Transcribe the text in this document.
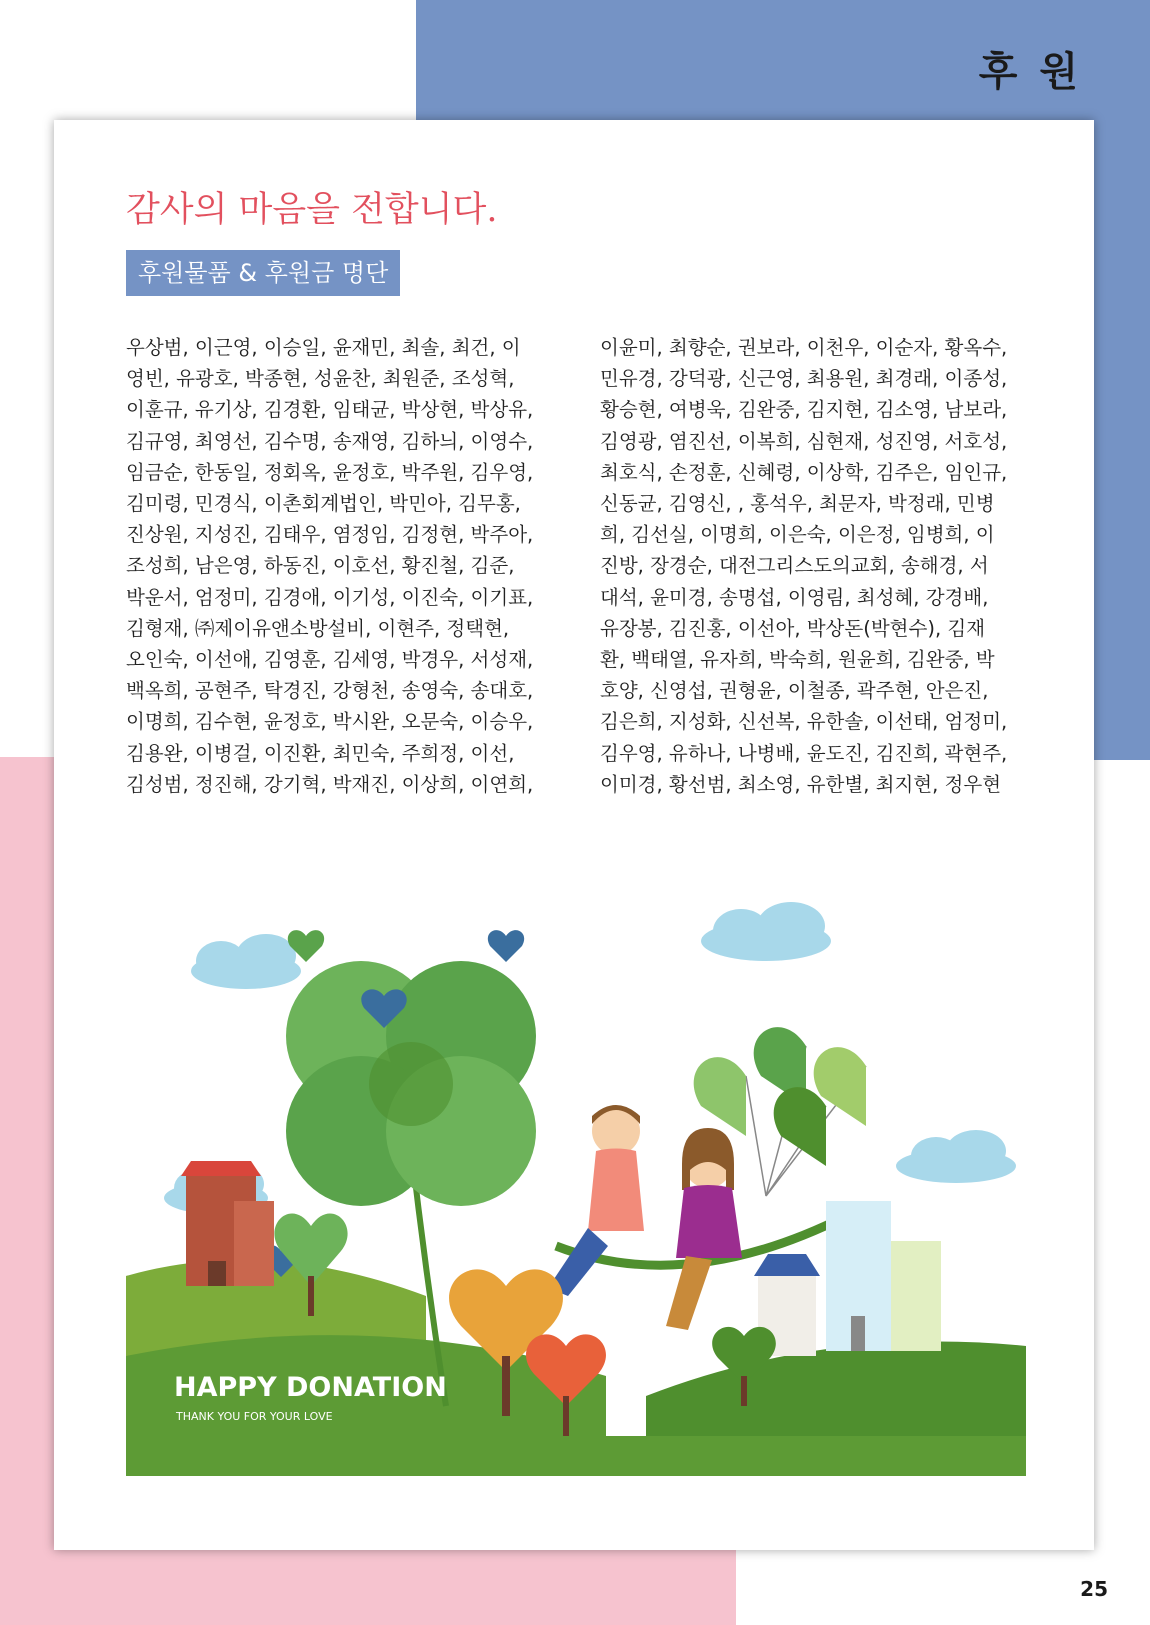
후 원
감사의 마음을 전합니다.
후원물품 & 후원금 명단
우상범, 이근영, 이승일, 윤재민, 최솔, 최건, 이
영빈, 유광호, 박종현, 성윤찬, 최원준, 조성혁,
이훈규, 유기상, 김경환, 임태균, 박상현, 박상유,
김규영, 최영선, 김수명, 송재영, 김하늬, 이영수,
임금순, 한동일, 정회옥, 윤정호, 박주원, 김우영,
김미령, 민경식, 이촌회계법인, 박민아, 김무홍,
진상원, 지성진, 김태우, 염정임, 김정현, 박주아,
조성희, 남은영, 하동진, 이호선, 황진철, 김준,
박운서, 엄정미, 김경애, 이기성, 이진숙, 이기표,
김형재, ㈜제이유앤소방설비, 이현주, 정택현,
오인숙, 이선애, 김영훈, 김세영, 박경우, 서성재,
백옥희, 공현주, 탁경진, 강형천, 송영숙, 송대호,
이명희, 김수현, 윤정호, 박시완, 오문숙, 이승우,
김용완, 이병걸, 이진환, 최민숙, 주희정, 이선,
김성범, 정진해, 강기혁, 박재진, 이상희, 이연희,
이윤미, 최향순, 권보라, 이천우, 이순자, 황옥수,
민유경, 강덕광, 신근영, 최용원, 최경래, 이종성,
황승현, 여병욱, 김완중, 김지현, 김소영, 남보라,
김영광, 염진선, 이복희, 심현재, 성진영, 서호성,
최호식, 손정훈, 신혜령, 이상학, 김주은, 임인규,
신동균, 김영신, , 홍석우, 최문자, 박정래, 민병
희, 김선실, 이명희, 이은숙, 이은정, 임병희, 이
진방, 장경순, 대전그리스도의교회, 송해경, 서
대석, 윤미경, 송명섭, 이영림, 최성혜, 강경배,
유장봉, 김진홍, 이선아, 박상돈(박현수), 김재
환, 백태열, 유자희, 박숙희, 원윤희, 김완중, 박
호양, 신영섭, 권형윤, 이철종, 곽주현, 안은진,
김은희, 지성화, 신선복, 유한솔, 이선태, 엄정미,
김우영, 유하나, 나병배, 윤도진, 김진희, 곽현주,
이미경, 황선범, 최소영, 유한별, 최지현, 정우현
HAPPY DONATION
THANK YOU FOR YOUR LOVE
25
